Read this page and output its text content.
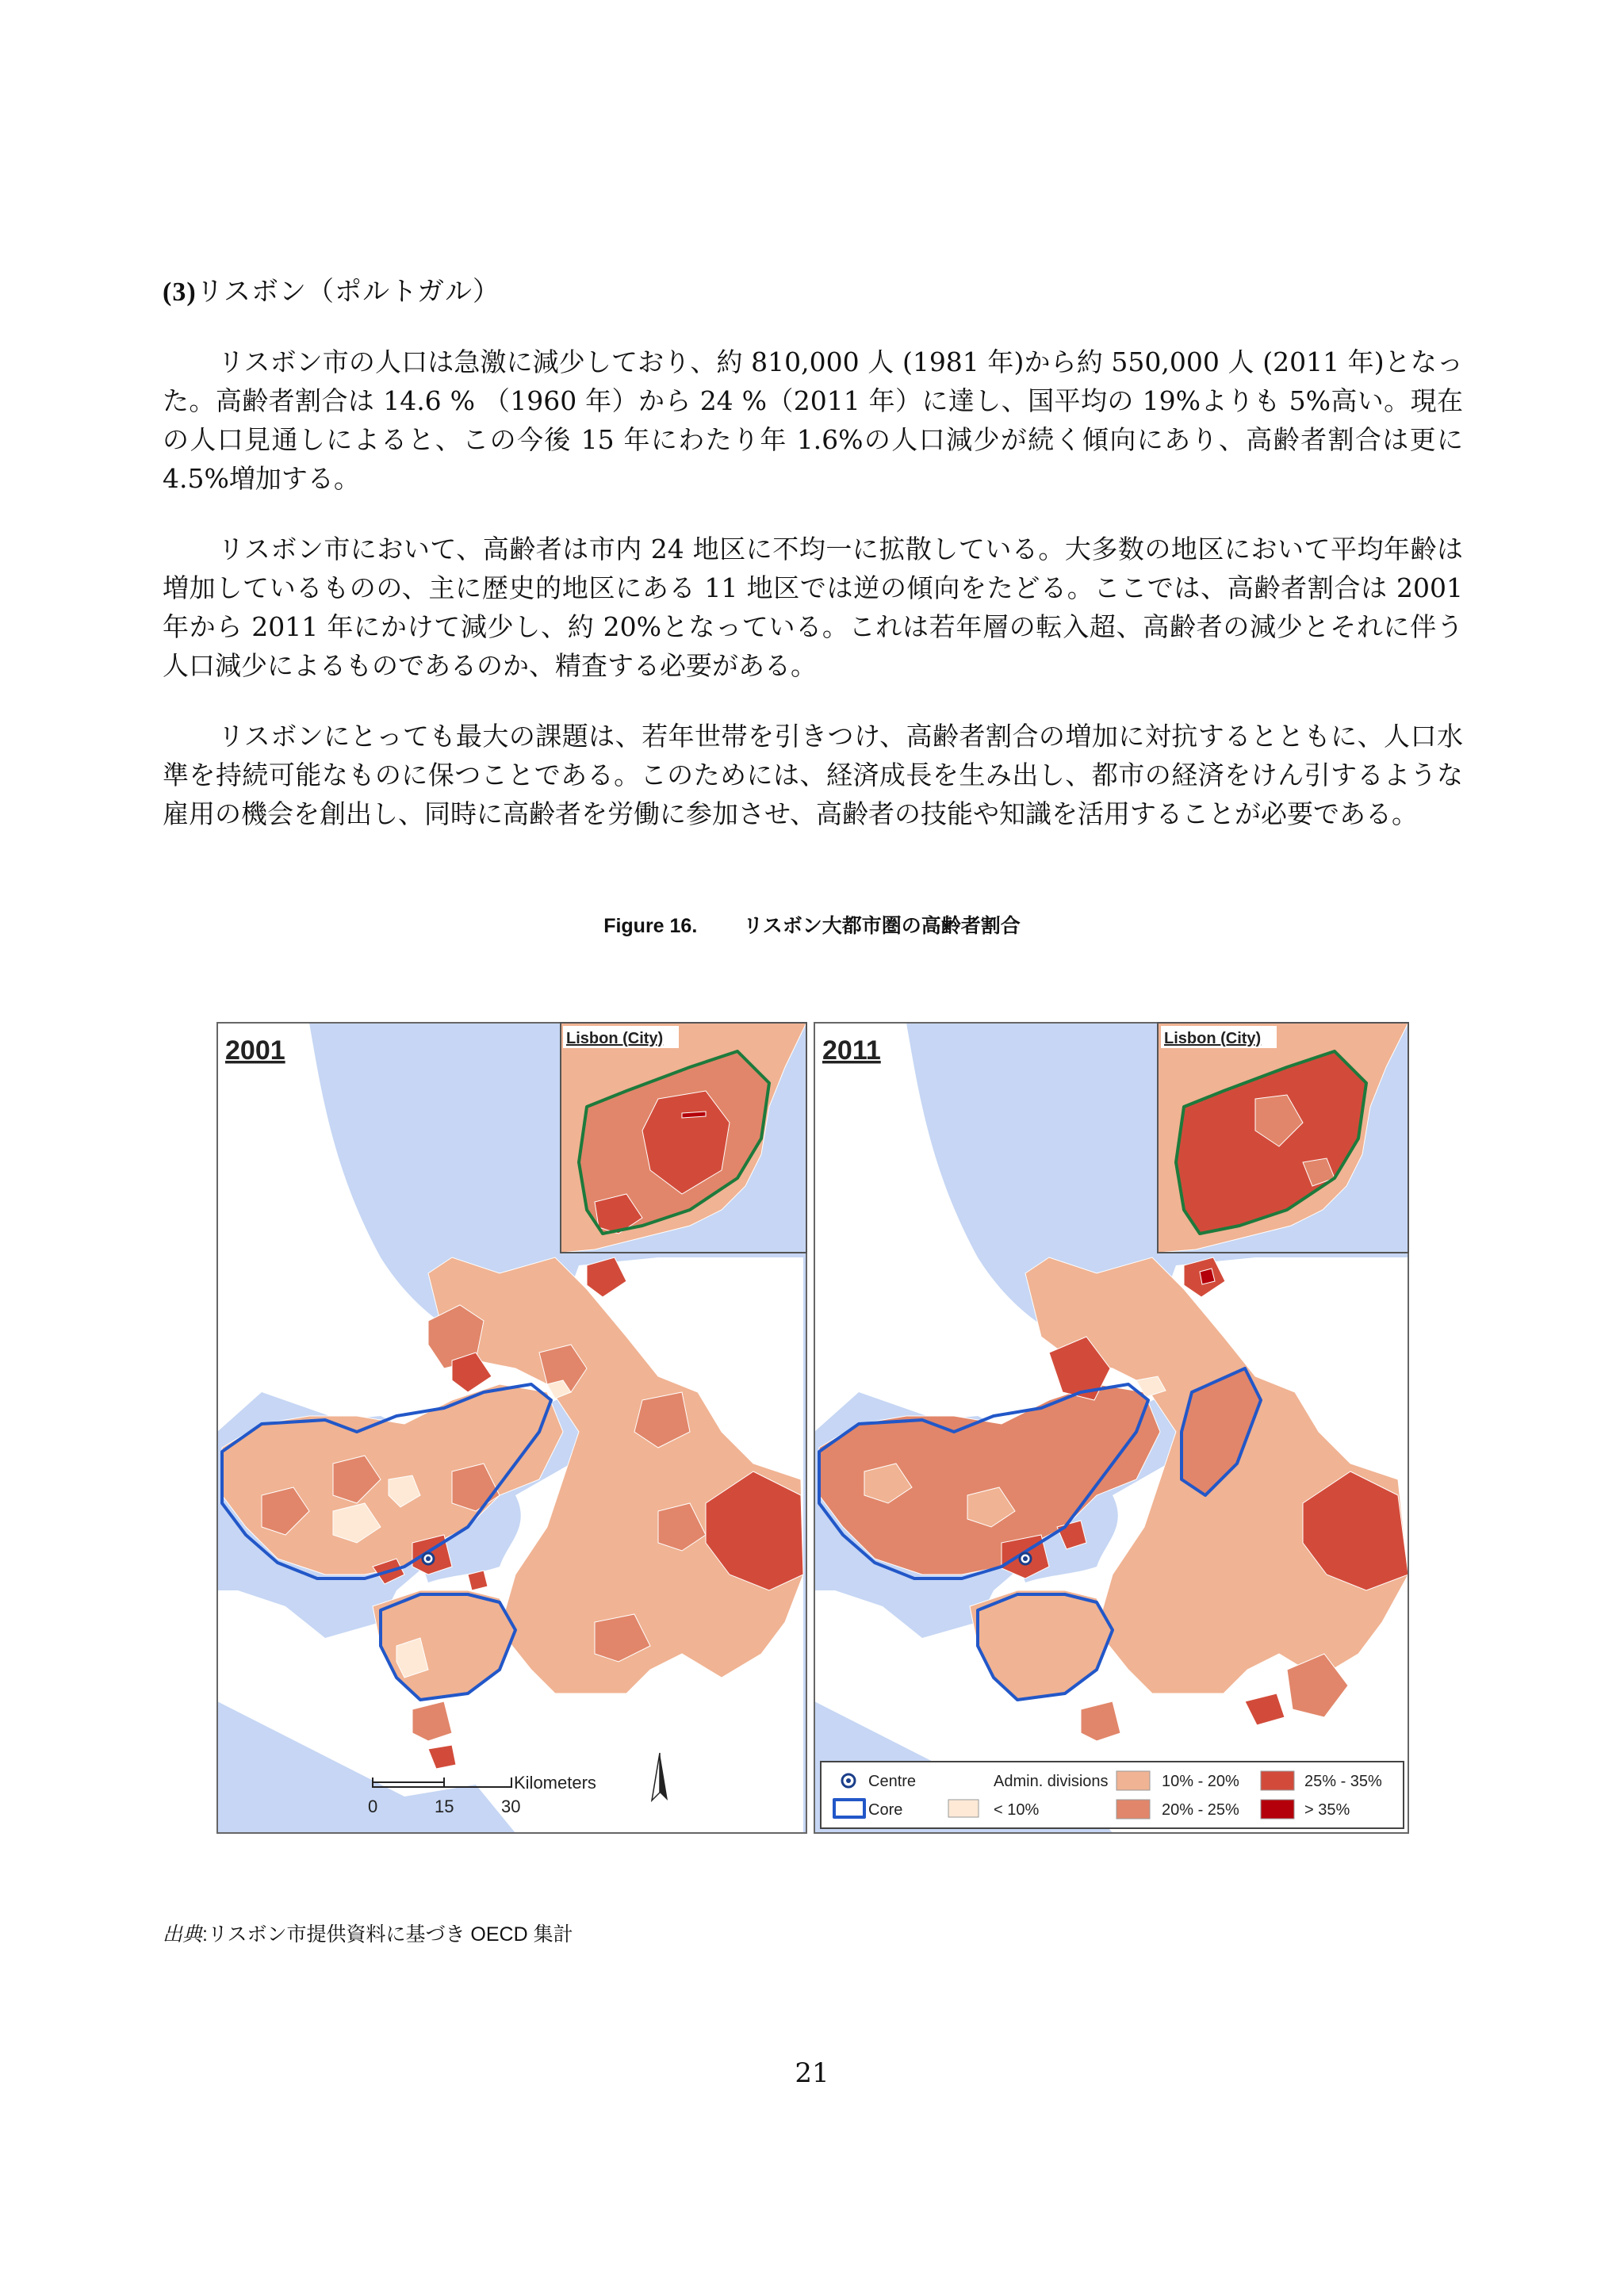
(3)リスボン（ポルトガル）

リスボン市の人口は急激に減少しており、約 810,000 人 (1981 年)から約 550,000 人 (2011 年)となった。高齢者割合は 14.6 % （1960 年）から 24 %（2011 年）に達し、国平均の 19%よりも 5%高い。現在の人口見通しによると、この今後 15 年にわたり年 1.6%の人口減少が続く傾向にあり、高齢者割合は更に 4.5%増加する。

リスボン市において、高齢者は市内 24 地区に不均一に拡散している。大多数の地区において平均年齢は増加しているものの、主に歴史的地区にある 11 地区では逆の傾向をたどる。ここでは、高齢者割合は 2001 年から 2011 年にかけて減少し、約 20%となっている。これは若年層の転入超、高齢者の減少とそれに伴う人口減少によるものであるのか、精査する必要がある。

リスボンにとっても最大の課題は、若年世帯を引きつけ、高齢者割合の増加に対抗するとともに、人口水準を持続可能なものに保つことである。このためには、経済成長を生み出し、都市の経済をけん引するような雇用の機会を創出し、同時に高齢者を労働に参加させ、高齢者の技能や知識を活用することが必要である。

Figure 16. リスボン大都市圏の高齢者割合
2001	2011
Lisbon (City)	Lisbon (City)
Kilometers
0	15	30
Centre
Core
Admin. divisions
< 10%
10% - 20%
20% - 25%
25% - 35%
> 35%
出典:リスボン市提供資料に基づき OECD 集計
21
